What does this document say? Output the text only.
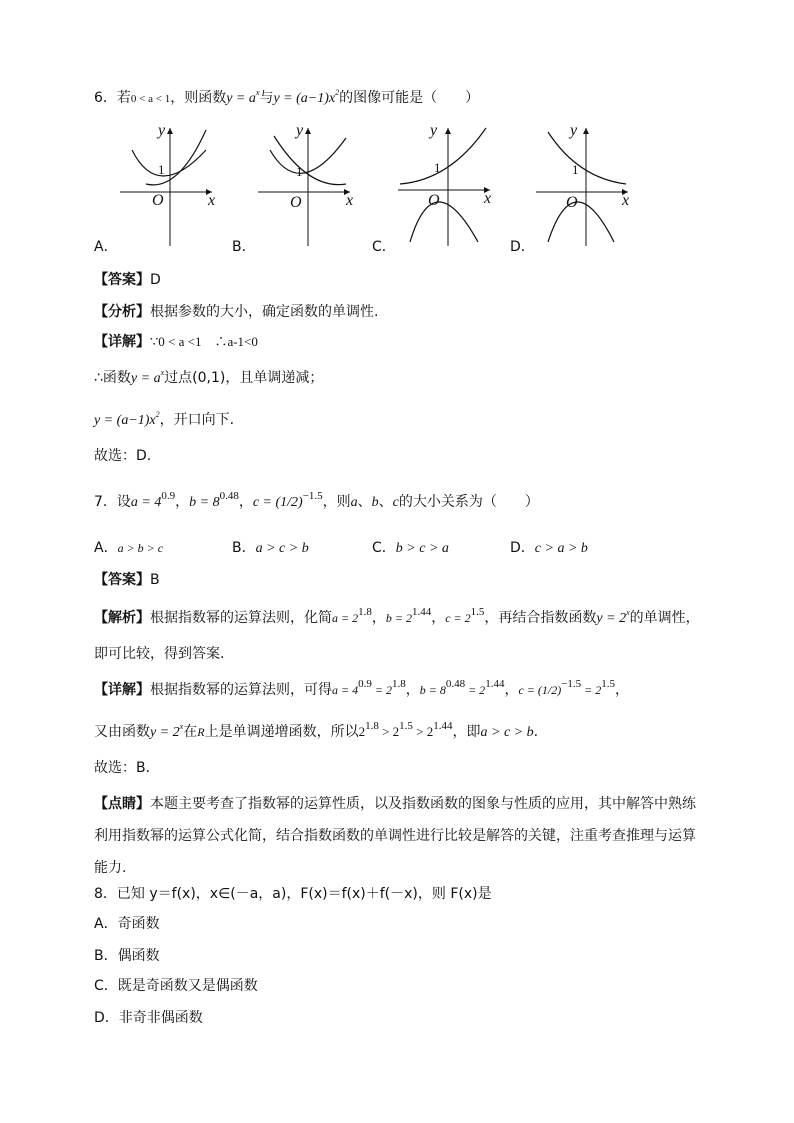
6．若0 < a < 1，则函数$y = a^x$与$y = (a-1)x^2$的图像可能是（　　）
y
x
O
1
y
x
O
1
y
x
O
1
y
x
O
1
A．	B．	C．	D．
【答案】D
【分析】根据参数的大小，确定函数的单调性.
【详解】∵0 < a <1　∴a-1<0
∴函数$y = a^x$过点(0,1)，且单调递减；
$y = (a-1)x^2$，开口向下.
故选：D.
7．设$a = 4^{0.9}$，$b = 8^{0.48}$，$c = (1/2)^{-1.5}$，则a、b、c的大小关系为（　　）
A．a > b > c	B．a > c > b	C．b > c > a	D．c > a > b
【答案】B
【解析】根据指数幂的运算法则，化简$a = 2^{1.8}$，$b = 2^{1.44}$，$c = 2^{1.5}$，再结合指数函数$y = 2^x$的单调性，
即可比较，得到答案.
【详解】根据指数幂的运算法则，可得$a = 4^{0.9} = 2^{1.8}$，$b = 8^{0.48} = 2^{1.44}$，$c = (1/2)^{-1.5} = 2^{1.5}$，
又由函数$y = 2^x$在R上是单调递增函数，所以$2^{1.8} > 2^{1.5} > 2^{1.44}$，即a > c > b.
故选：B．
【点睛】本题主要考查了指数幂的运算性质，以及指数函数的图象与性质的应用，其中解答中熟练
利用指数幂的运算公式化简，结合指数函数的单调性进行比较是解答的关键，注重考查推理与运算
能力.
8．已知 y＝f(x)，x∈(－a，a)，F(x)＝f(x)＋f(－x)，则 F(x)是
A．奇函数
B．偶函数
C．既是奇函数又是偶函数
D．非奇非偶函数
